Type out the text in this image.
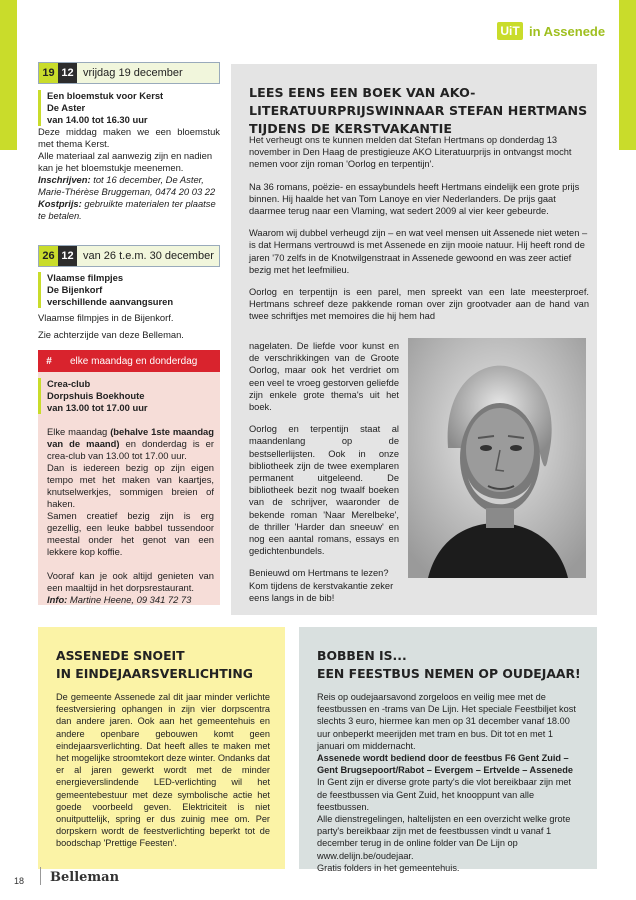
UiT in Assenede
19 12 vrijdag 19 december
Een bloemstuk voor Kerst
De Aster
van 14.00 tot 16.30 uur

Deze middag maken we een bloemstuk met thema Kerst.

Alle materiaal zal aanwezig zijn en nadien kan je het bloemstukje meenemen.

Inschrijven: tot 16 december, De Aster, Marie-Thérèse Bruggeman, 0474 20 03 22

Kostprijs: gebruikte materialen ter plaatse te betalen.

26 12 van 26 t.e.m. 30 december
Vlaamse filmpjes
De Bijenkorf
verschillende aanvangsuren

Vlaamse filmpjes in de Bijenkorf.

Zie achterzijde van deze Belleman.

#	elke maandag en donderdag
Crea-club
Dorpshuis Boekhoute
van 13.00 tot 17.00 uur

Elke maandag (behalve 1ste maandag van de maand) en donderdag is er crea-club van 13.00 tot 17.00 uur.

Dan is iedereen bezig op zijn eigen tempo met het maken van kaartjes, knutselwerkjes, sommigen breien of haken.

Samen creatief bezig zijn is erg gezellig, een leuke babbel tussendoor meestal onder het genot van een lekkere kop koffie.

Vooraf kan je ook altijd genieten van een maaltijd in het dorpsrestaurant.

Info: Martine Heene, 09 341 72 73

LEES EENS EEN BOEK VAN AKO-LITERATUURPRIJSWINNAAR STEFAN HERTMANS TIJDENS DE KERSTVAKANTIE

Het verheugt ons te kunnen melden dat Stefan Hertmans op donderdag 13 november in Den Haag de prestigieuze AKO Literatuurprijs in ontvangst mocht nemen voor zijn roman 'Oorlog en terpentijn'.

Na 36 romans, poëzie- en essaybundels heeft Hertmans eindelijk een grote prijs binnen. Hij haalde het van Tom Lanoye en vier Nederlanders. De prijs gaat daarmee terug naar een Vlaming, wat sedert 2009 al vier keer gebeurde.

Waarom wij dubbel verheugd zijn – en wat veel mensen uit Assenede niet weten – is dat Hermans vertrouwd is met Assenede en zijn mooie natuur. Hij heeft rond de jaren '70 zelfs in de Knotwilgenstraat in Assenede gewoond en was zeer actief bezig met het leefmilieu.

Oorlog en terpentijn is een parel, men spreekt van een late meesterproef. Hertmans schreef deze pakkende roman over zijn grootvader aan de hand van twee schriftjes met memoires die hij hem had

nagelaten. De liefde voor kunst en de verschrikkingen van de Groote Oorlog, maar ook het verdriet om een veel te vroeg gestorven geliefde zijn enkele grote thema's uit het boek.

Oorlog en terpentijn staat al maandenlang op de bestsellerlijsten. Ook in onze bibliotheek zijn de twee exemplaren permanent uitgeleend. De bibliotheek bezit nog twaalf boeken van de schrijver, waaronder de bekende roman 'Naar Merelbeke', de thriller 'Harder dan sneeuw' en nog een aantal romans, essays en gedichtenbundels.

Benieuwd om Hertmans te lezen? Kom tijdens de kerstvakantie zeker eens langs in de bib!

ASSENEDE SNOEIT
IN EINDEJAARSVERLICHTING

De gemeente Assenede zal dit jaar minder verlichte feestversiering ophangen in zijn vier dorpscentra dan andere jaren. Ook aan het gemeentehuis en andere openbare gebouwen komt geen eindejaarsverlichting. Dat heeft alles te maken met het mogelijke stroomtekort deze winter. Ondanks dat er al jaren gewerkt wordt met de minder energieverslindende LED-verlichting wil het gemeentebestuur met deze symbolische actie het goede voorbeeld geven. Elektriciteit is niet onuitputtelijk, spring er dus zuinig mee om. Per dorpskern wordt de feestverlichting beperkt tot de boodschap 'Prettige Feesten'.

BOBBEN IS...
EEN FEESTBUS NEMEN OP OUDEJAAR!

Reis op oudejaarsavond zorgeloos en veilig mee met de feestbussen en -trams van De Lijn. Het speciale Feestbiljet kost slechts 3 euro, hiermee kan men op 31 december vanaf 18.00 uur onbeperkt meerijden met tram en bus. Dit tot en met 1 januari om middernacht.

Assenede wordt bediend door de feestbus F6 Gent Zuid – Gent Brugsepoort/Rabot – Evergem – Ertvelde – Assenede

In Gent zijn er diverse grote party's die vlot bereikbaar zijn met de feestbussen via Gent Zuid, het knooppunt van alle feestbussen.

Alle dienstregelingen, haltelijsten en een overzicht welke grote party's bereikbaar zijn met de feestbussen vindt u vanaf 1 december terug in de online folder van De Lijn op www.delijn.be/oudejaar.

Gratis folders in het gemeentehuis.

18 Belleman
